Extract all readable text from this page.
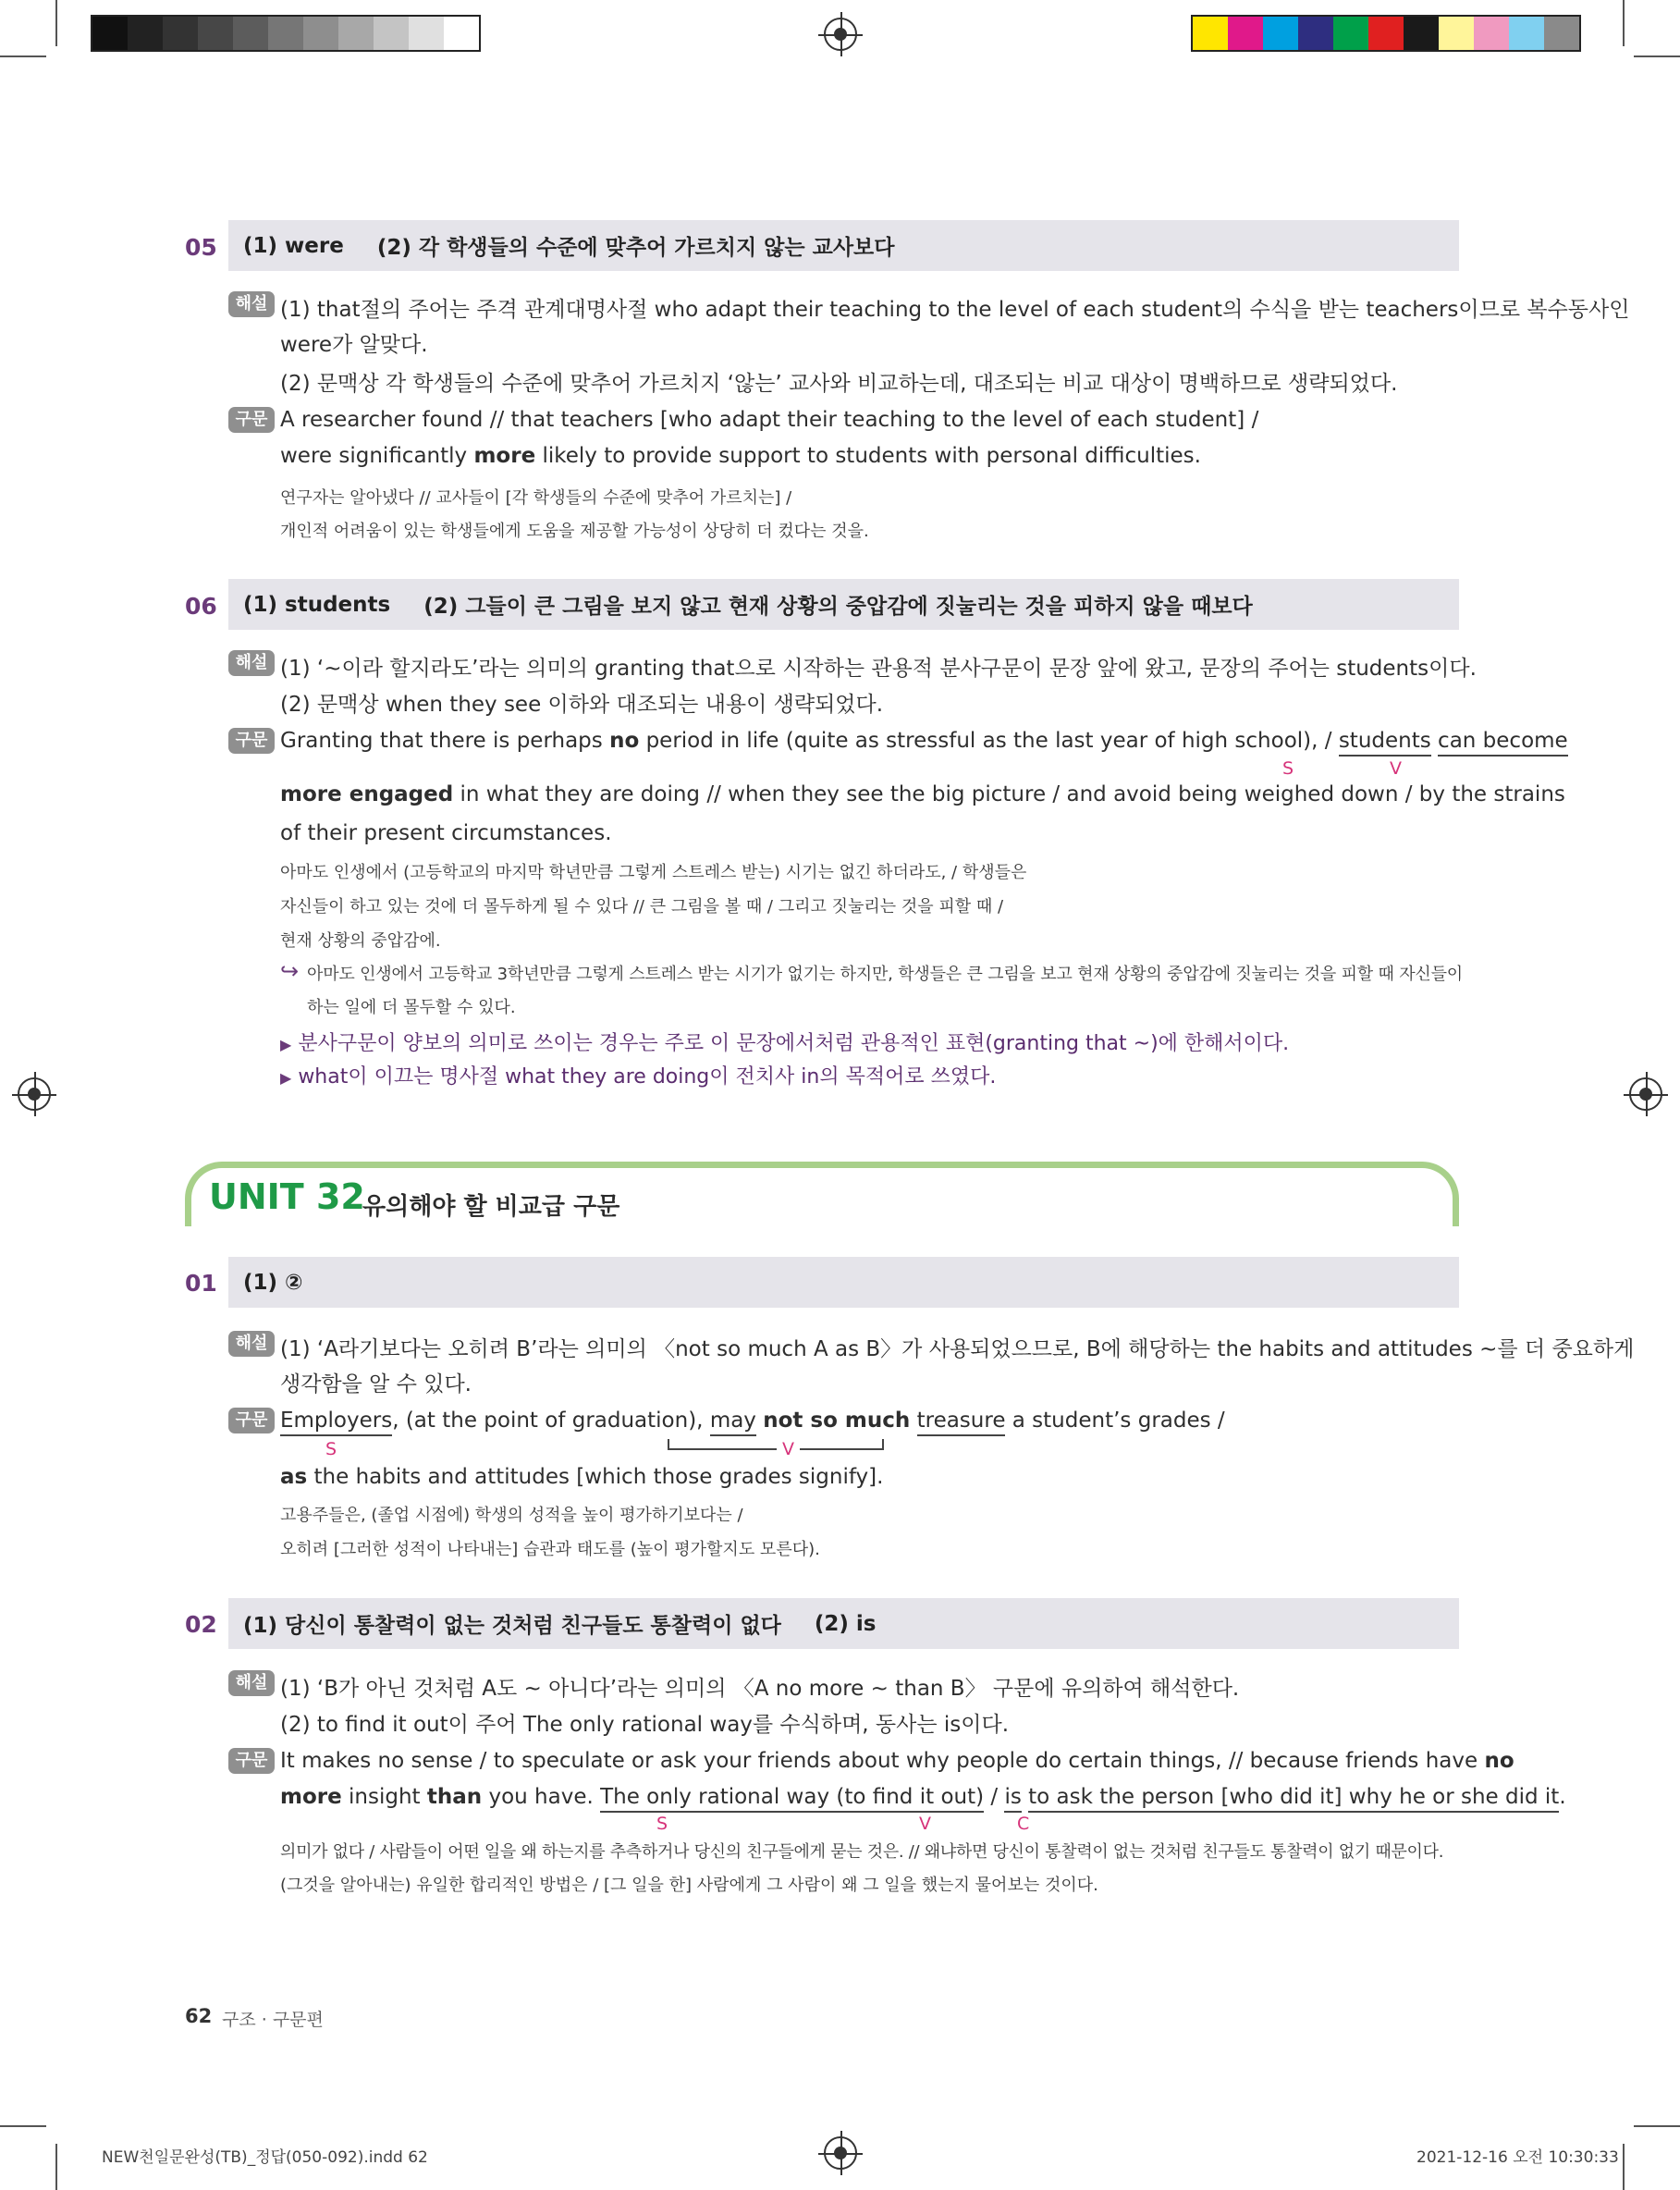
05 (1) were (2) 각 학생들의 수준에 맞추어 가르치지 않는 교사보다
해설 (1) that절의 주어는 주격 관계대명사절 who adapt their teaching to the level of each student의 수식을 받는 teachers이므로 복수동사인
were가 알맞다.
(2) 문맥상 각 학생들의 수준에 맞추어 가르치지 ‘않는’ 교사와 비교하는데, 대조되는 비교 대상이 명백하므로 생략되었다.
구문 A researcher found // that teachers [who adapt their teaching to the level of each student] /
were significantly more likely to provide support to students with personal difficulties.
연구자는 알아냈다 // 교사들이 [각 학생들의 수준에 맞추어 가르치는] /
개인적 어려움이 있는 학생들에게 도움을 제공할 가능성이 상당히 더 컸다는 것을.
06 (1) students (2) 그들이 큰 그림을 보지 않고 현재 상황의 중압감에 짓눌리는 것을 피하지 않을 때보다
해설 (1) ‘~이라 할지라도’라는 의미의 granting that으로 시작하는 관용적 분사구문이 문장 앞에 왔고, 문장의 주어는 students이다.
(2) 문맥상 when they see 이하와 대조되는 내용이 생략되었다.
구문 Granting that there is perhaps no period in life (quite as stressful as the last year of high school), / students can become
S	V
more engaged in what they are doing // when they see the big picture / and avoid being weighed down / by the strains
of their present circumstances.
아마도 인생에서 (고등학교의 마지막 학년만큼 그렇게 스트레스 받는) 시기는 없긴 하더라도, / 학생들은
자신들이 하고 있는 것에 더 몰두하게 될 수 있다 // 큰 그림을 볼 때 / 그리고 짓눌리는 것을 피할 때 /
현재 상황의 중압감에.
↪ 아마도 인생에서 고등학교 3학년만큼 그렇게 스트레스 받는 시기가 없기는 하지만, 학생들은 큰 그림을 보고 현재 상황의 중압감에 짓눌리는 것을 피할 때 자신들이
하는 일에 더 몰두할 수 있다.
▶ 분사구문이 양보의 의미로 쓰이는 경우는 주로 이 문장에서처럼 관용적인 표현(granting that ~)에 한해서이다.
▶ what이 이끄는 명사절 what they are doing이 전치사 in의 목적어로 쓰였다.
UNIT 32
유의해야 할 비교급 구문
01 (1) ②
해설 (1) ‘A라기보다는 오히려 B’라는 의미의 〈not so much A as B〉가 사용되었으므로, B에 해당하는 the habits and attitudes ~를 더 중요하게
생각함을 알 수 있다.
구문 Employers, (at the point of graduation), may not so much treasure a student’s grades /
S	V
as the habits and attitudes [which those grades signify].
고용주들은, (졸업 시점에) 학생의 성적을 높이 평가하기보다는 /
오히려 [그러한 성적이 나타내는] 습관과 태도를 (높이 평가할지도 모른다).
02 (1) 당신이 통찰력이 없는 것처럼 친구들도 통찰력이 없다 (2) is
해설 (1) ‘B가 아닌 것처럼 A도 ~ 아니다’라는 의미의 〈A no more ~ than B〉 구문에 유의하여 해석한다.
(2) to find it out이 주어 The only rational way를 수식하며, 동사는 is이다.
구문 It makes no sense / to speculate or ask your friends about why people do certain things, // because friends have no
more insight than you have. The only rational way (to find it out) / is to ask the person [who did it] why he or she did it.
S	V	C
의미가 없다 / 사람들이 어떤 일을 왜 하는지를 추측하거나 당신의 친구들에게 묻는 것은. // 왜냐하면 당신이 통찰력이 없는 것처럼 친구들도 통찰력이 없기 때문이다.
(그것을 알아내는) 유일한 합리적인 방법은 / [그 일을 한] 사람에게 그 사람이 왜 그 일을 했는지 물어보는 것이다.
62 구조 · 구문편
NEW천일문완성(TB)_정답(050-092).indd 62	2021-12-16 오전 10:30:33
